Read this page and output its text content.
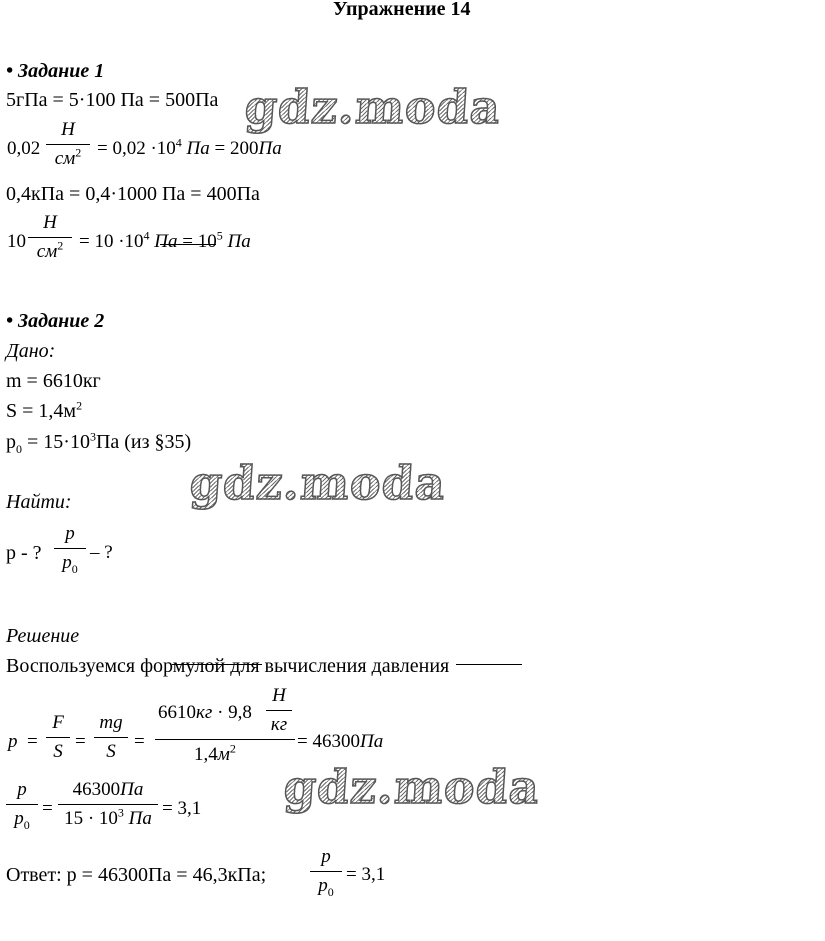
Упражнение 14
• Задание 1
5гПа = 5·100 Па = 500Па
0,02
Н
$см^2 = 0,02 \cdot 10^4$ Па = 200Па
0,4кПа = 0,4·1000 Па = 400Па
10
Н
$см^2 = 10 \cdot 10^4$ Па = $10^5$ Па
• Задание 2
Дано:
m = 6610кг
$S = 1,4м^2$
$p_0 = 15\cdot 10^3Па$ (из §35)
Найти:
p - ?
p
$p_0$
– ?
Решение
Воспользуемся формулой для вычисления давления
p =
F
S =
mg
S =
6610кг · 9,8
Н
кг
$1,4м^2$	= 46300Па
p
$p_0$
=
46300Па
$15 \cdot 10^3$ Па = 3,1
Ответ: p = 46300Па = 46,3кПа;
p
$p_0$
= 3,1
gdz.moda
gdz.moda
gdz.moda
